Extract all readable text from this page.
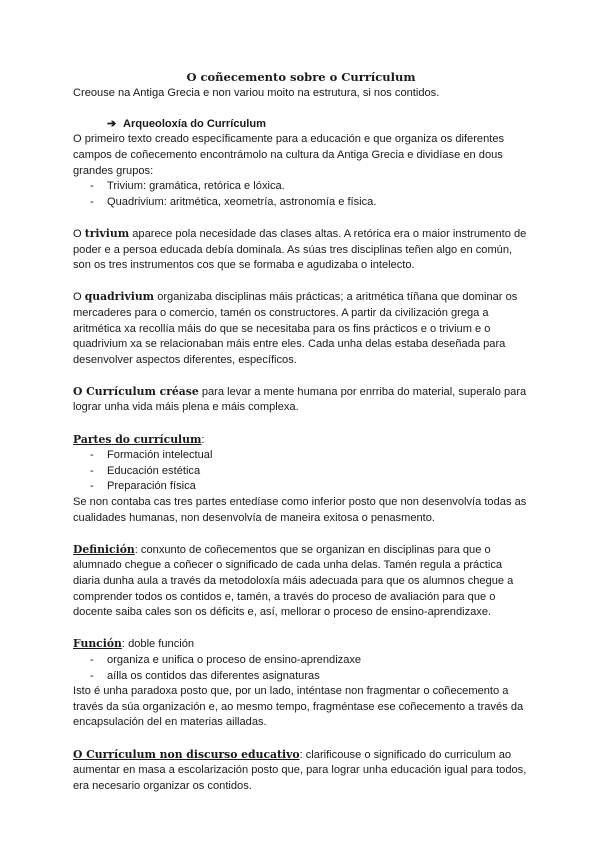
O coñecemento sobre o Currículum

Creouse na Antiga Grecia e non variou moito na estrutura, si nos contidos.

➔ Arqueoloxía do Currículum

O primeiro texto creado específicamente para a educación e que organiza os diferentes campos de coñecemento encontrámolo na cultura da Antiga Grecia e dividíase en dous grandes grupos:

- Trivium: gramática, retórica e lóxica.
- Quadrivium: aritmética, xeometría, astronomía e física.

O trivium aparece pola necesidade das clases altas. A retórica era o maior instrumento de poder e a persoa educada debía dominala. As súas tres disciplinas teñen algo en común, son os tres instrumentos cos que se formaba e agudizaba o intelecto.

O quadrivium organizaba disciplinas máis prácticas; a aritmética tíñana que dominar os mercaderes para o comercio, tamén os constructores. A partir da civilización grega a aritmética xa recollía máis do que se necesitaba para os fins prácticos e o trivium e o quadrivium xa se relacionaban máis entre eles. Cada unha delas estaba deseñada para desenvolver aspectos diferentes, específicos.

O Currículum créase para levar a mente humana por enrriba do material, superalo para lograr unha vida máis plena e máis complexa.

Partes do currículum:

- Formación intelectual
- Educación estética
- Preparación física

Se non contaba cas tres partes entedíase como inferior posto que non desenvolvía todas as cualidades humanas, non desenvolvía de maneira exitosa o penasmento.

Definición: conxunto de coñecementos que se organizan en disciplinas para que o alumnado chegue a coñecer o significado de cada unha delas. Tamén regula a práctica diaria dunha aula a través da metodoloxía máis adecuada para que os alumnos chegue a comprender todos os contidos e, tamén, a través do proceso de avaliación para que o docente saiba cales son os déficits e, así, mellorar o proceso de ensino-aprendizaxe.

Función: doble función

- organiza e unifica o proceso de ensino-aprendizaxe
- aílla os contidos das diferentes asignaturas

Isto é unha paradoxa posto que, por un lado, inténtase non fragmentar o coñecemento a través da súa organización e, ao mesmo tempo, fragméntase ese coñecemento a través da encapsulación del en materias ailladas.

O Currículum non discurso educativo: clarificouse o significado do curriculum ao aumentar en masa a escolarización posto que, para lograr unha educación igual para todos, era necesario organizar os contidos.
